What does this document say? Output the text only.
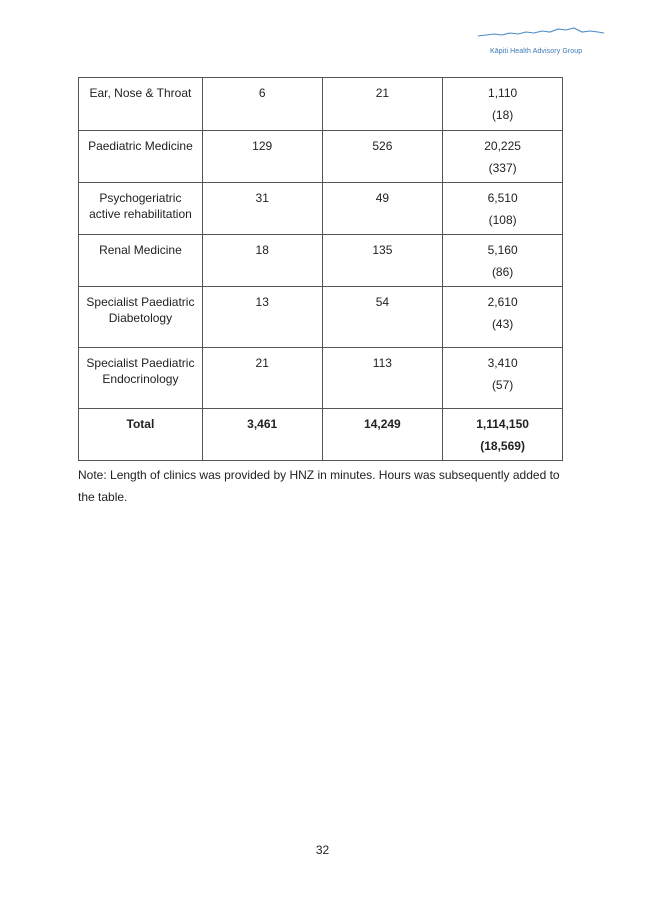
Kāpiti Health Advisory Group
Ear, Nose & Throat	6	21	1,110
(18)

Paediatric Medicine	129	526	20,225
(337)

Psychogeriatric active rehabilitation	31	49	6,510
(108)

Renal Medicine	18	135	5,160
(86)

Specialist Paediatric Diabetology	13	54	2,610
(43)

Specialist Paediatric Endocrinology	21	113	3,410
(57)

Total	3,461	14,249	1,114,150
(18,569)
Note: Length of clinics was provided by HNZ in minutes. Hours was subsequently added to the table.
32
